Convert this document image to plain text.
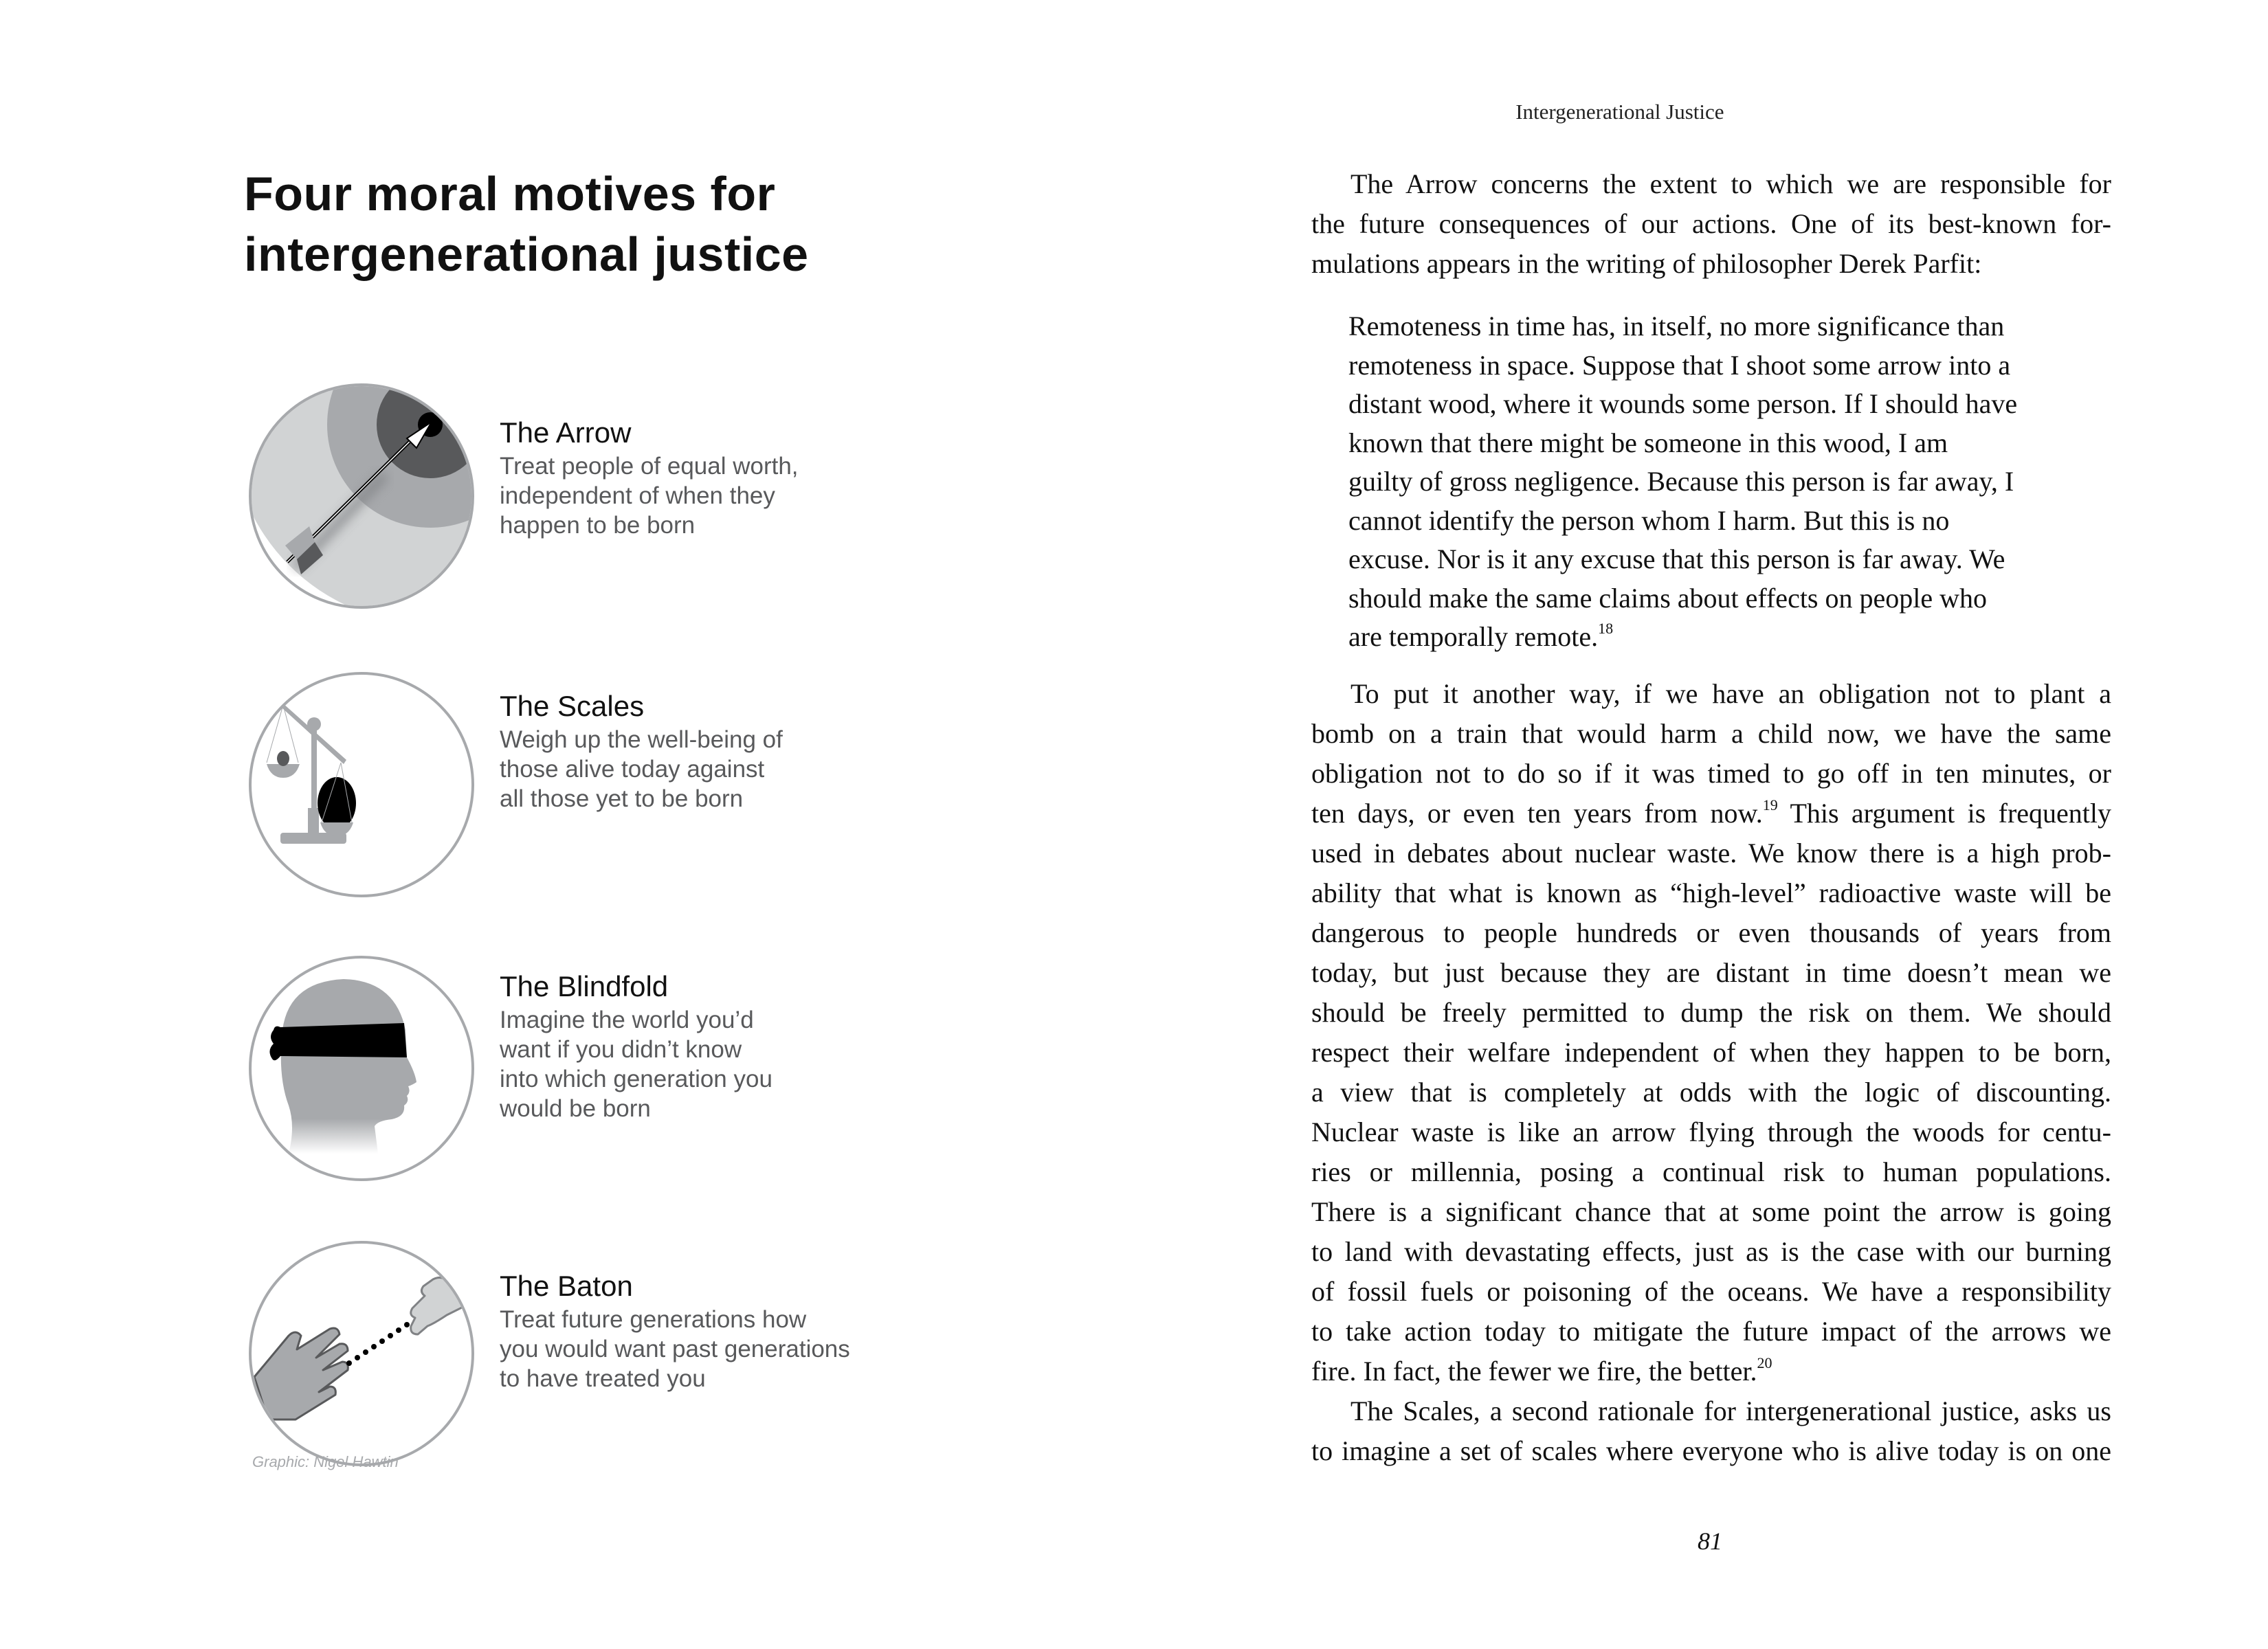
Four moral motives for
intergenerational justice
The Arrow
Treat people of equal worth,
independent of when they
happen to be born
The Scales
Weigh up the well-being of
those alive today against
all those yet to be born
The Blindfold
Imagine the world you’d
want if you didn’t know
into which generation you
would be born
The Baton
Treat future generations how
you would want past generations
to have treated you
Graphic: Nigel Hawtin
Intergenerational Justice
The Arrow concerns the extent to which we are responsible for
the future consequences of our actions. One of its best-known for-
mulations appears in the writing of philosopher Derek Parfit:
Remoteness in time has, in itself, no more significance than
remoteness in space. Suppose that I shoot some arrow into a
distant wood, where it wounds some person. If I should have
known that there might be someone in this wood, I am
guilty of gross negligence. Because this person is far away, I
cannot identify the person whom I harm. But this is no
excuse. Nor is it any excuse that this person is far away. We
should make the same claims about effects on people who
are temporally remote.$^{18}$
To put it another way, if we have an obligation not to plant a
bomb on a train that would harm a child now, we have the same
obligation not to do so if it was timed to go off in ten minutes, or
ten days, or even ten years from now.$^{19}$ This argument is frequently
used in debates about nuclear waste. We know there is a high prob-
ability that what is known as “high-level” radioactive waste will be
dangerous to people hundreds or even thousands of years from
today, but just because they are distant in time doesn’t mean we
should be freely permitted to dump the risk on them. We should
respect their welfare independent of when they happen to be born,
a view that is completely at odds with the logic of discounting.
Nuclear waste is like an arrow flying through the woods for centu-
ries or millennia, posing a continual risk to human populations.
There is a significant chance that at some point the arrow is going
to land with devastating effects, just as is the case with our burning
of fossil fuels or poisoning of the oceans. We have a responsibility
to take action today to mitigate the future impact of the arrows we
fire. In fact, the fewer we fire, the better.$^{20}$
The Scales, a second rationale for intergenerational justice, asks us
to imagine a set of scales where everyone who is alive today is on one
81
